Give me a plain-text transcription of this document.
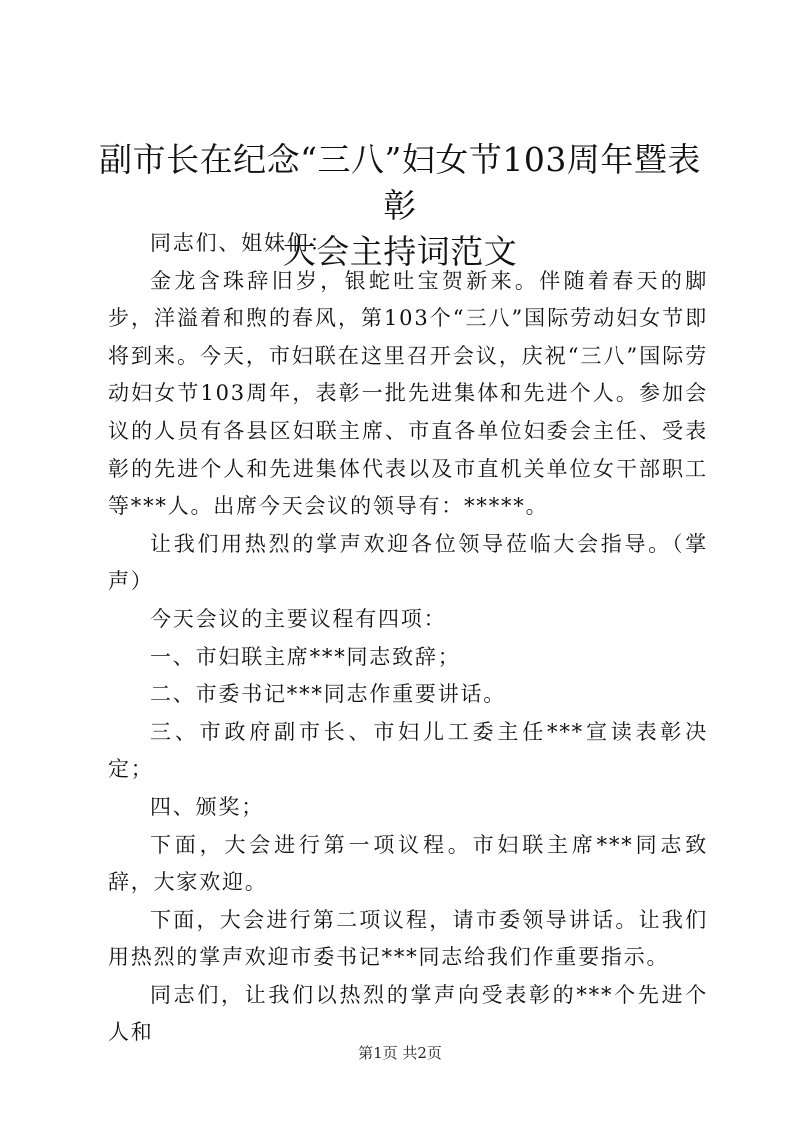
副市长在纪念“三八”妇女节103周年暨表彰
大会主持词范文

同志们、姐妹们：

金龙含珠辞旧岁，银蛇吐宝贺新来。伴随着春天的脚步，洋溢着和煦的春风，第103个“三八”国际劳动妇女节即将到来。今天，市妇联在这里召开会议，庆祝“三八”国际劳动妇女节103周年，表彰一批先进集体和先进个人。参加会议的人员有各县区妇联主席、市直各单位妇委会主任、受表彰的先进个人和先进集体代表以及市直机关单位女干部职工等***人。出席今天会议的领导有：*****。

让我们用热烈的掌声欢迎各位领导莅临大会指导。（掌声）

今天会议的主要议程有四项：

一、市妇联主席***同志致辞；

二、市委书记***同志作重要讲话。

三、市政府副市长、市妇儿工委主任***宣读表彰决定；

四、颁奖；

下面，大会进行第一项议程。市妇联主席***同志致辞，大家欢迎。

下面，大会进行第二项议程，请市委领导讲话。让我们用热烈的掌声欢迎市委书记***同志给我们作重要指示。

同志们，让我们以热烈的掌声向受表彰的***个先进个人和

第1页 共2页
